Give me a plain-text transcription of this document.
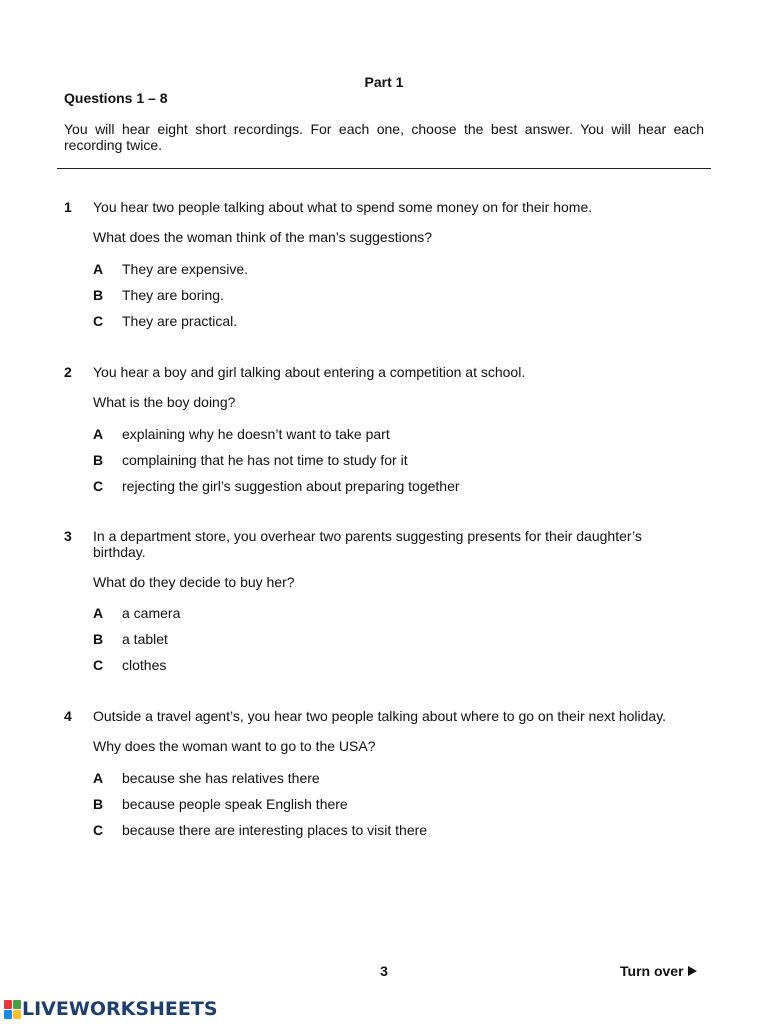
Part 1
Questions 1 – 8
You will hear eight short recordings. For each one, choose the best answer. You will hear each recording twice.
1 You hear two people talking about what to spend some money on for their home.
What does the woman think of the man’s suggestions?
A They are expensive.
B They are boring.
C They are practical.
2 You hear a boy and girl talking about entering a competition at school.
What is the boy doing?
A explaining why he doesn’t want to take part
B complaining that he has not time to study for it
C rejecting the girl’s suggestion about preparing together
3 In a department store, you overhear two parents suggesting presents for their daughter’s birthday.
What do they decide to buy her?
A a camera
B a tablet
C clothes
4 Outside a travel agent’s, you hear two people talking about where to go on their next holiday.
Why does the woman want to go to the USA?
A because she has relatives there
B because people speak English there
C because there are interesting places to visit there
3	Turn over
LIVEWORKSHEETS
